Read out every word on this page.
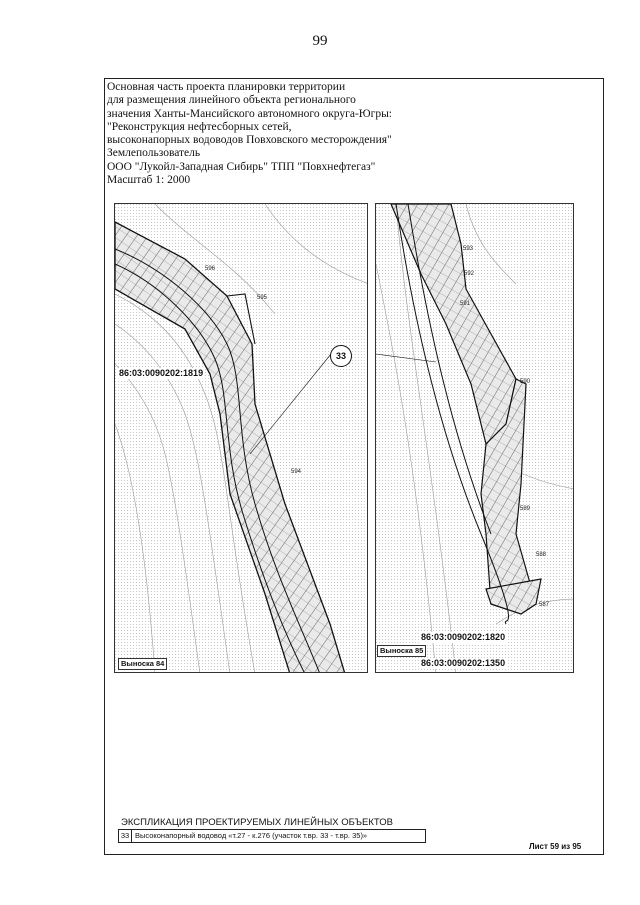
99
Основная часть проекта планировки территории
для размещения линейного объекта регионального
значения Ханты-Мансийского автономного округа-Югры:
"Реконструкция нефтесборных сетей,
высоконапорных водоводов Повховского месторождения"
Землепользователь
ООО "Лукойл-Западная Сибирь" ТПП "Повхнефтегаз"
Масштаб 1: 2000
596
595
594
86:03:0090202:1819
Выноска 84
593
592
591
590
589
588
587
86:03:0090202:1820
Выноска 85
86:03:0090202:1350
33
ЭКСПЛИКАЦИЯ ПРОЕКТИРУЕМЫХ ЛИНЕЙНЫХ ОБЪЕКТОВ
33 Высоконапорный водовод «т.27 - к.276 (участок т.вр. 33 - т.вр. 35)»
Лист 59 из 95
